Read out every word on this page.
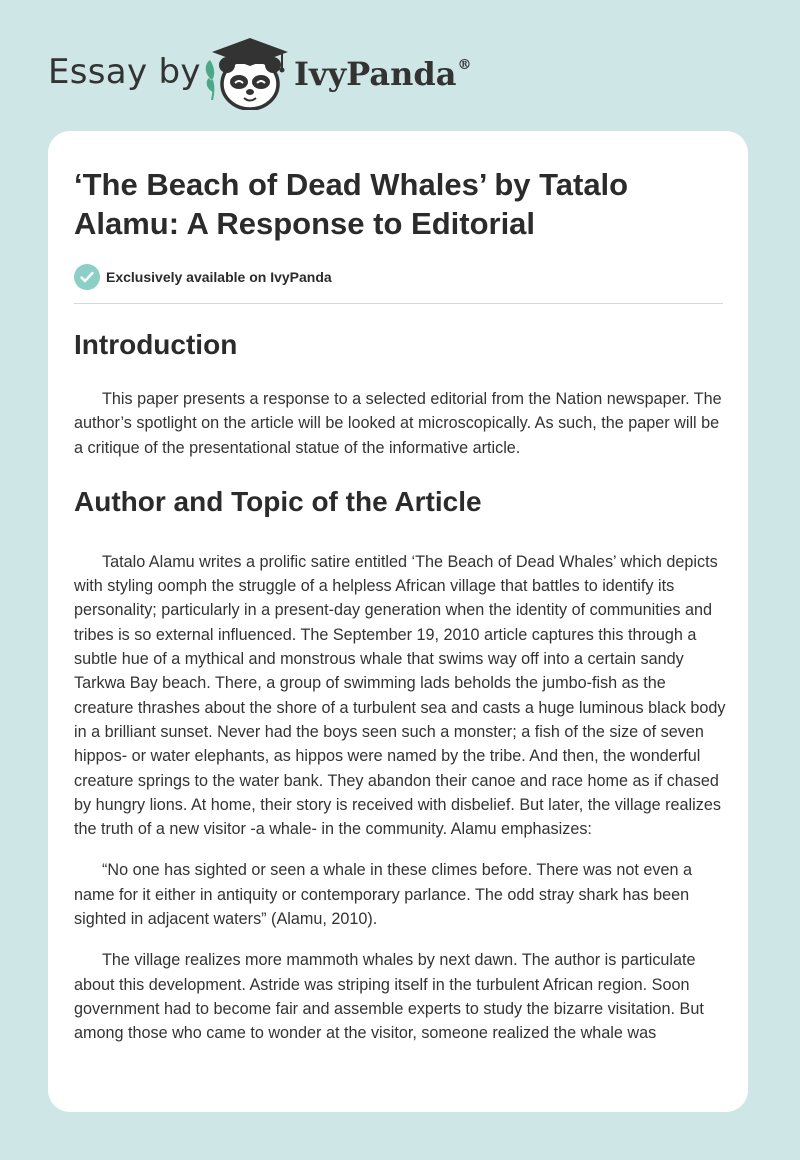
Essay by	IvyPanda®
‘The Beach of Dead Whales’ by Tatalo Alamu: A Response to Editorial
Exclusively available on IvyPanda
Introduction

This paper presents a response to a selected editorial from the Nation newspaper. The author’s spotlight on the article will be looked at microscopically. As such, the paper will be a critique of the presentational statue of the informative article.

Author and Topic of the Article

Tatalo Alamu writes a prolific satire entitled ‘The Beach of Dead Whales’ which depicts with styling oomph the struggle of a helpless African village that battles to identify its personality; particularly in a present-day generation when the identity of communities and tribes is so external influenced. The September 19, 2010 article captures this through a subtle hue of a mythical and monstrous whale that swims way off into a certain sandy Tarkwa Bay beach. There, a group of swimming lads beholds the jumbo-fish as the creature thrashes about the shore of a turbulent sea and casts a huge luminous black body in a brilliant sunset. Never had the boys seen such a monster; a fish of the size of seven hippos- or water elephants, as hippos were named by the tribe. And then, the wonderful creature springs to the water bank. They abandon their canoe and race home as if chased by hungry lions. At home, their story is received with disbelief. But later, the village realizes the truth of a new visitor -a whale- in the community. Alamu emphasizes:

“No one has sighted or seen a whale in these climes before. There was not even a name for it either in antiquity or contemporary parlance. The odd stray shark has been sighted in adjacent waters” (Alamu, 2010).

The village realizes more mammoth whales by next dawn. The author is particulate about this development. Astride was striping itself in the turbulent African region. Soon government had to become fair and assemble experts to study the bizarre visitation. But among those who came to wonder at the visitor, someone realized the whale was
